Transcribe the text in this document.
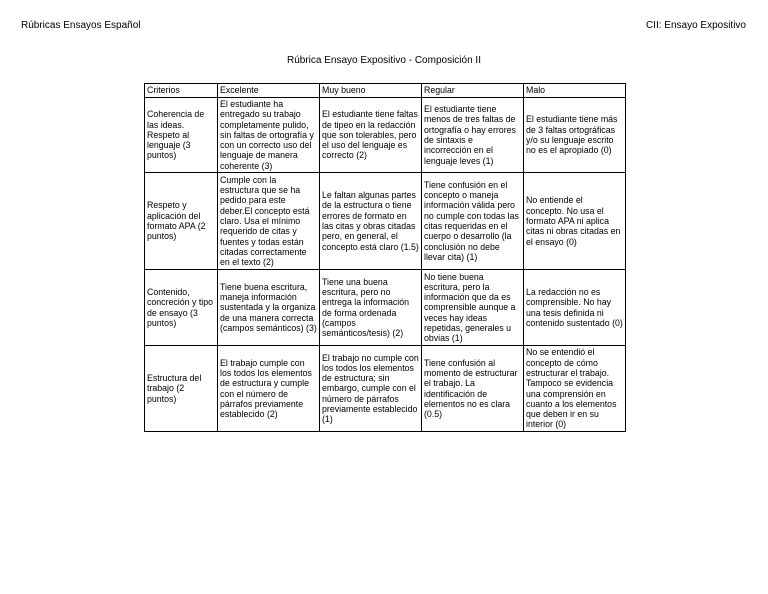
Rúbricas Ensayos Español	CII: Ensayo Expositivo
Rúbrica Ensayo Expositivo - Composición II
Criterios	Excelente	Muy bueno	Regular	Malo
Coherencia de las ideas. Respeto al lenguaje (3 puntos)	El estudiante ha entregado su trabajo completamente pulido, sin faltas de ortografía y con un correcto uso del lenguaje de manera coherente (3)	El estudiante tiene faltas de tipeo en la redacción que son tolerables, pero el uso del lenguaje es correcto (2)	El estudiante tiene menos de tres faltas de ortografía o hay errores de sintaxis e incorrección en el lenguaje leves (1)	El estudiante tiene más de 3 faltas ortográficas y/o su lenguaje escrito no es el apropiado (0)
Respeto y aplicación del formato APA (2 puntos)	Cumple con la estructura que se ha pedido para este deber.El concepto está claro. Usa el mínimo requerido de citas y fuentes y todas están citadas correctamente en el texto (2)	Le faltan algunas partes de la estructura o tiene errores de formato en las citas y obras citadas pero, en general, el concepto está claro (1.5)	Tiene confusión en el concepto o maneja información válida pero no cumple con todas las citas requeridas en el cuerpo o desarrollo (la conclusión no debe llevar cita) (1)	No entiende el concepto. No usa el formato APA ni aplica citas ni obras citadas en el ensayo (0)
Contenido, concreción y tipo de ensayo (3 puntos)	Tiene buena escritura, maneja información sustentada y la organiza de una manera correcta (campos semánticos) (3)	Tiene una buena escritura, pero no entrega la información de forma ordenada (campos semánticos/tesis) (2)	No tiene buena escritura, pero la información que da es comprensible aunque a veces hay ideas repetidas, generales u obvias (1)	La redacción no es comprensible. No hay una tesis definida ni contenido sustentado (0)
Estructura del trabajo (2 puntos)	El trabajo cumple con los todos los elementos de estructura y cumple con el número de párrafos previamente establecido (2)	El trabajo no cumple con los todos los elementos de estructura; sin embargo, cumple con el número de párrafos previamente establecido (1)	Tiene confusión al momento de estructurar el trabajo. La identificación de elementos no es clara (0.5)	No se entendió el concepto de cómo estructurar el trabajo. Tampoco se evidencia una comprensión en cuanto a los elementos que deben ir en su interior (0)
